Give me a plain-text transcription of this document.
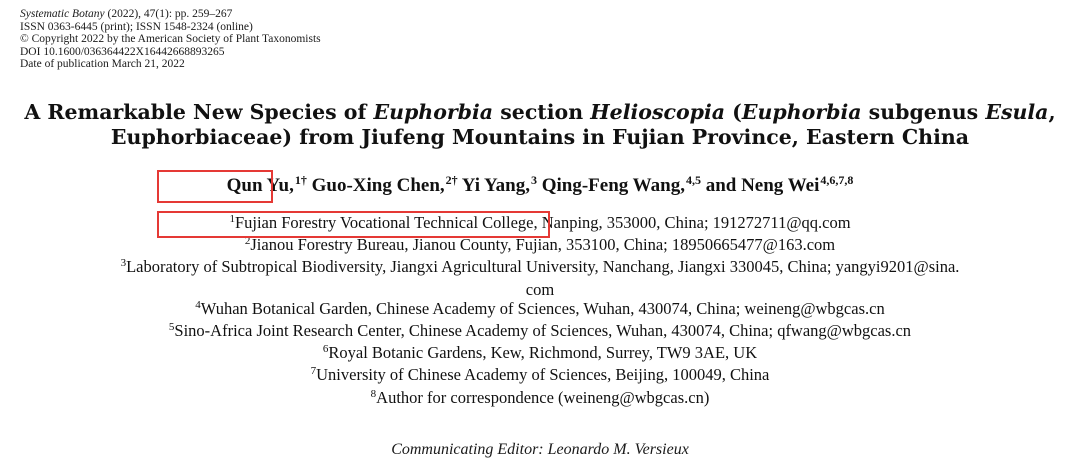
Systematic Botany (2022), 47(1): pp. 259–267
ISSN 0363-6445 (print); ISSN 1548-2324 (online)
© Copyright 2022 by the American Society of Plant Taxonomists
DOI 10.1600/036364422X16442668893265
Date of publication March 21, 2022
A Remarkable New Species of Euphorbia section Helioscopia (Euphorbia subgenus Esula,
Euphorbiaceae) from Jiufeng Mountains in Fujian Province, Eastern China
Qun Yu,$^{1\dagger}$ Guo-Xing Chen,$^{2\dagger}$ Yi Yang,$^3$ Qing-Feng Wang,$^{4,5}$ and Neng Wei$^{4,6,7,8}$
$^1$Fujian Forestry Vocational Technical College, Nanping, 353000, China; 191272711@qq.com
$^2$Jianou Forestry Bureau, Jianou County, Fujian, 353100, China; 18950665477@163.com
$^3$Laboratory of Subtropical Biodiversity, Jiangxi Agricultural University, Nanchang, Jiangxi 330045, China; yangyi9201@sina.
com
$^4$Wuhan Botanical Garden, Chinese Academy of Sciences, Wuhan, 430074, China; weineng@wbgcas.cn
$^5$Sino-Africa Joint Research Center, Chinese Academy of Sciences, Wuhan, 430074, China; qfwang@wbgcas.cn
$^6$Royal Botanic Gardens, Kew, Richmond, Surrey, TW9 3AE, UK
$^7$University of Chinese Academy of Sciences, Beijing, 100049, China
$^8$Author for correspondence (weineng@wbgcas.cn)
Communicating Editor: Leonardo M. Versieux
